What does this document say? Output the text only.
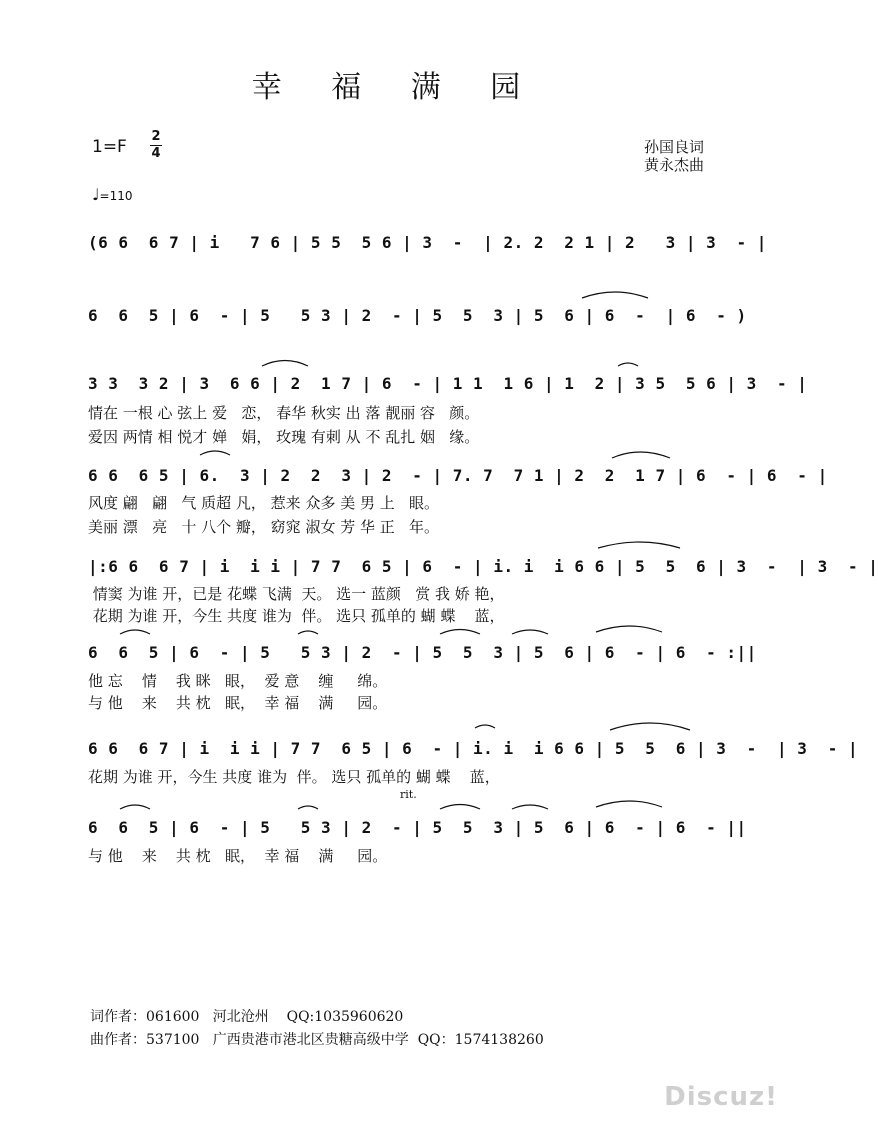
幸 福 满 园
1=F
2
4	孙国良词
黄永杰曲
♩=110
(6 6  6 7 | i   7 6 | 5 5  5 6 | 3  -  | 2. 2  2 1 | 2   3 | 3  - |
6  6  5 | 6  - | 5   5 3 | 2  - | 5  5  3 | 5  6 | 6  -  | 6  - )
3 3  3 2 | 3  6 6 | 2  1 7 | 6  - | 1 1  1 6 | 1  2 | 3 5  5 6 | 3  - |
情在 一根 心 弦上 爱   恋， 春华 秋实 出 落 靓丽 容   颜。
爱因 两情 相 悦才 婵   娟， 玫瑰 有刺 从 不 乱扎 姻   缘。
6 6  6 5 | 6.  3 | 2  2  3 | 2  - | 7. 7  7 1 | 2  2  1 7 | 6  - | 6  - |
风度 翩   翩   气 质超 凡， 惹来 众多 美 男 上   眼。
美丽 漂   亮   十 八个 瓣， 窈窕 淑女 芳 华 正   年。
|:6 6  6 7 | i  i i | 7 7  6 5 | 6  - | i. i  i 6 6 | 5  5  6 | 3  -  | 3  - |
情窦 为谁 开，已是 花蝶 飞满  天。 选一 蓝颜   赏 我 娇 艳，
花期 为谁 开，今生 共度 谁为  伴。 选只 孤单的 蝴 蝶    蓝，
6  6  5 | 6  - | 5   5 3 | 2  - | 5  5  3 | 5  6 | 6  - | 6  - :||
他 忘    情    我 眯   眼，  爱 意    缠     绵。
与 他    来    共 枕   眠，  幸 福    满     园。
6 6  6 7 | i  i i | 7 7  6 5 | 6  - | i. i  i 6 6 | 5  5  6 | 3  -  | 3  - |
花期 为谁 开，今生 共度 谁为  伴。 选只 孤单的 蝴 蝶    蓝，
rit.
6  6  5 | 6  - | 5   5 3 | 2  - | 5  5  3 | 5  6 | 6  - | 6  - ||
与 他    来    共 枕   眠，  幸 福    满     园。
词作者：061600   河北沧州    QQ:1035960620
曲作者：537100   广西贵港市港北区贵糖高级中学  QQ：1574138260
Discuz!
